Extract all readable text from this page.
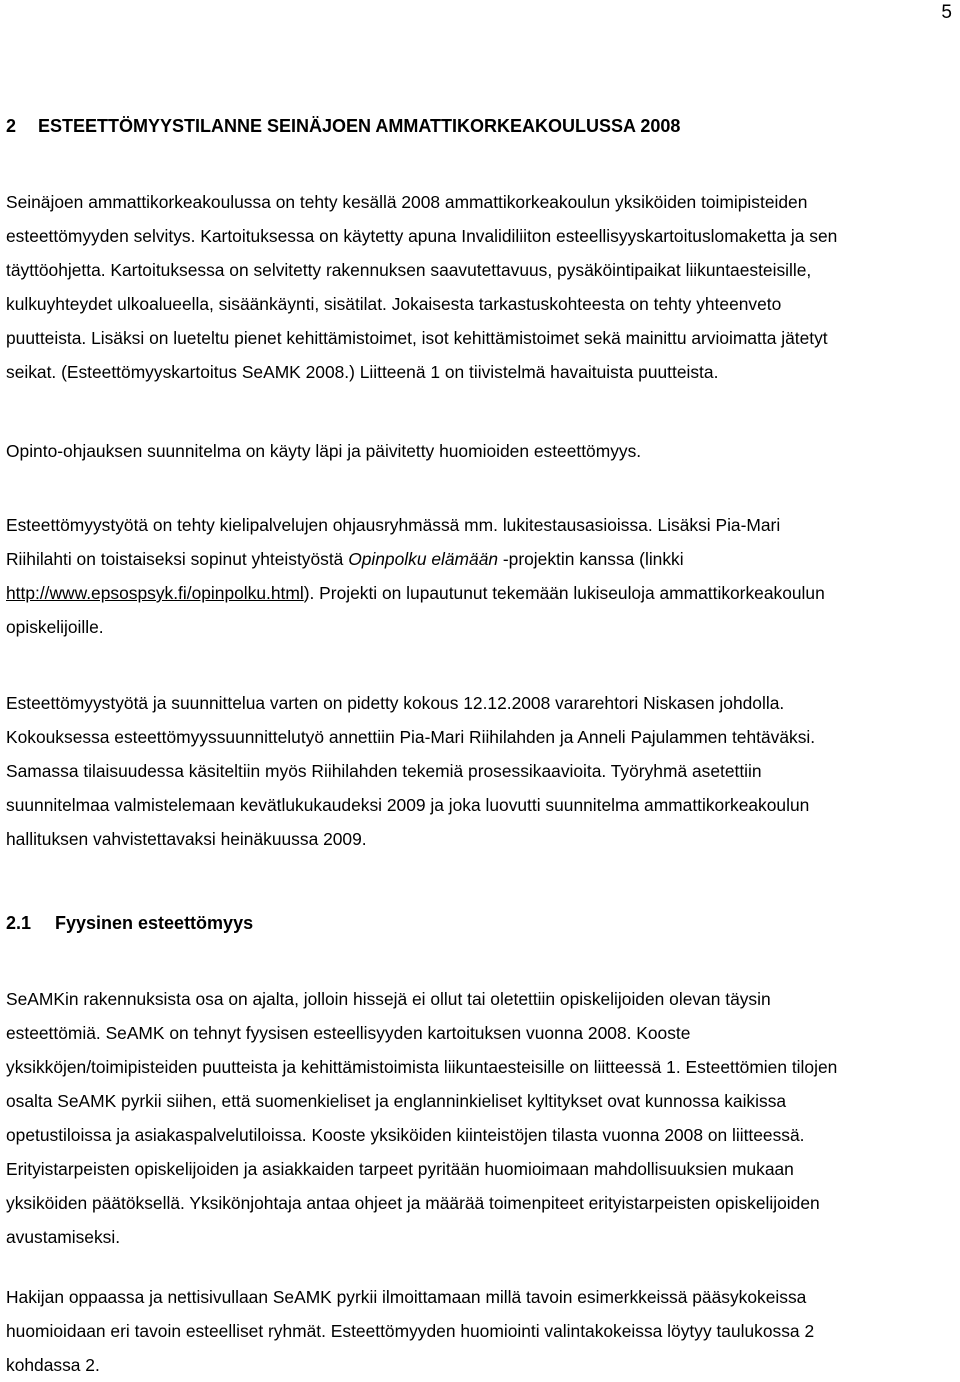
5
2 ESTEETTÖMYYSTILANNE SEINÄJOEN AMMATTIKORKEAKOULUSSA 2008

Seinäjoen ammattikorkeakoulussa on tehty kesällä 2008 ammattikorkeakoulun yksiköiden toimipisteiden
esteettömyyden selvitys. Kartoituksessa on käytetty apuna Invalidiliiton esteellisyyskartoituslomaketta ja sen
täyttöohjetta. Kartoituksessa on selvitetty rakennuksen saavutettavuus, pysäköintipaikat liikuntaesteisille,
kulkuyhteydet ulkoalueella, sisäänkäynti, sisätilat. Jokaisesta tarkastuskohteesta on tehty yhteenveto
puutteista. Lisäksi on lueteltu pienet kehittämistoimet, isot kehittämistoimet sekä mainittu arvioimatta jätetyt
seikat. (Esteettömyyskartoitus SeAMK 2008.) Liitteenä 1 on tiivistelmä havaituista puutteista.

Opinto-ohjauksen suunnitelma on käyty läpi ja päivitetty huomioiden esteettömyys.

Esteettömyystyötä on tehty kielipalvelujen ohjausryhmässä mm. lukitestausasioissa. Lisäksi Pia-Mari
Riihilahti on toistaiseksi sopinut yhteistyöstä Opinpolku elämään -projektin kanssa (linkki
http://www.epsospsyk.fi/opinpolku.html). Projekti on lupautunut tekemään lukiseuloja ammattikorkeakoulun
opiskelijoille.

Esteettömyystyötä ja suunnittelua varten on pidetty kokous 12.12.2008 vararehtori Niskasen johdolla.
Kokouksessa esteettömyyssuunnittelutyö annettiin Pia-Mari Riihilahden ja Anneli Pajulammen tehtäväksi.
Samassa tilaisuudessa käsiteltiin myös Riihilahden tekemiä prosessikaavioita. Työryhmä asetettiin
suunnitelmaa valmistelemaan kevätlukukaudeksi 2009 ja joka luovutti suunnitelma ammattikorkeakoulun
hallituksen vahvistettavaksi heinäkuussa 2009.

2.1 Fyysinen esteettömyys

SeAMKin rakennuksista osa on ajalta, jolloin hissejä ei ollut tai oletettiin opiskelijoiden olevan täysin
esteettömiä. SeAMK on tehnyt fyysisen esteellisyyden kartoituksen vuonna 2008. Kooste
yksikköjen/toimipisteiden puutteista ja kehittämistoimista liikuntaesteisille on liitteessä 1. Esteettömien tilojen
osalta SeAMK pyrkii siihen, että suomenkieliset ja englanninkieliset kyltitykset ovat kunnossa kaikissa
opetustiloissa ja asiakaspalvelutiloissa. Kooste yksiköiden kiinteistöjen tilasta vuonna 2008 on liitteessä.
Erityistarpeisten opiskelijoiden ja asiakkaiden tarpeet pyritään huomioimaan mahdollisuuksien mukaan
yksiköiden päätöksellä. Yksikönjohtaja antaa ohjeet ja määrää toimenpiteet erityistarpeisten opiskelijoiden
avustamiseksi.

Hakijan oppaassa ja nettisivullaan SeAMK pyrkii ilmoittamaan millä tavoin esimerkkeissä pääsykokeissa
huomioidaan eri tavoin esteelliset ryhmät. Esteettömyyden huomiointi valintakokeissa löytyy taulukossa 2
kohdassa 2.
